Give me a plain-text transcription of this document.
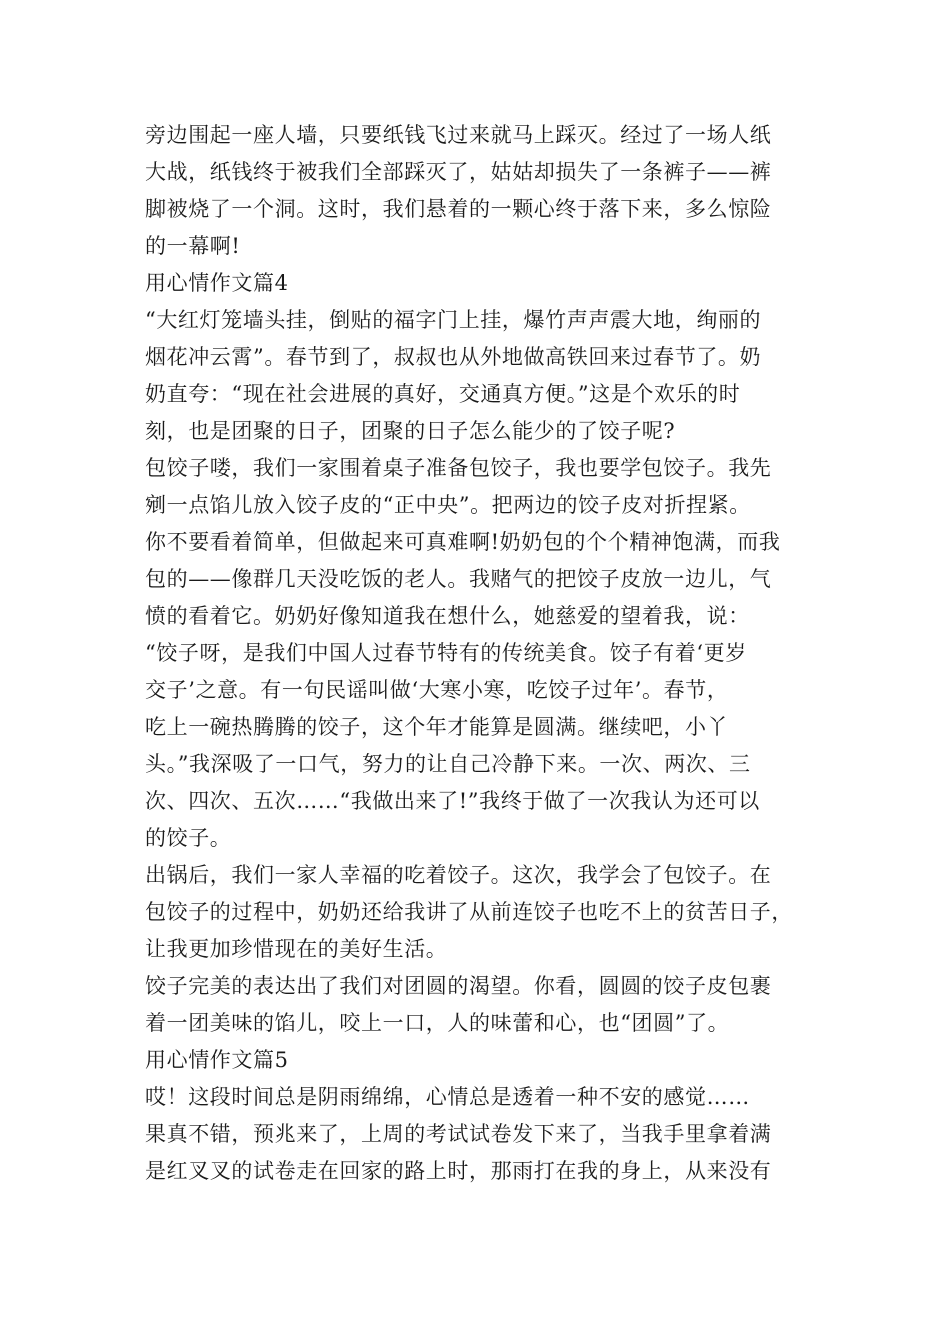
旁边围起一座人墙，只要纸钱飞过来就马上踩灭。经过了一场人纸
大战，纸钱终于被我们全部踩灭了，姑姑却损失了一条裤子——裤
脚被烧了一个洞。这时，我们悬着的一颗心终于落下来，多么惊险
的一幕啊!
用心情作文篇4
“大红灯笼墙头挂，倒贴的福字门上挂，爆竹声声震大地，绚丽的
烟花冲云霄”。春节到了，叔叔也从外地做高铁回来过春节了。奶
奶直夸：“现在社会进展的真好，交通真方便。”这是个欢乐的时
刻，也是团聚的日子，团聚的日子怎么能少的了饺子呢?
包饺子喽，我们一家围着桌子准备包饺子，我也要学包饺子。我先
剜一点馅儿放入饺子皮的“正中央”。把两边的饺子皮对折捏紧。
你不要看着简单，但做起来可真难啊!奶奶包的个个精神饱满，而我
包的——像群几天没吃饭的老人。我赌气的把饺子皮放一边儿，气
愤的看着它。奶奶好像知道我在想什么，她慈爱的望着我，说：
“饺子呀，是我们中国人过春节特有的传统美食。饺子有着‘更岁
交子’之意。有一句民谣叫做‘大寒小寒，吃饺子过年’。春节，
吃上一碗热腾腾的饺子，这个年才能算是圆满。继续吧，小丫
头。”我深吸了一口气，努力的让自己冷静下来。一次、两次、三
次、四次、五次……“我做出来了!”我终于做了一次我认为还可以
的饺子。
出锅后，我们一家人幸福的吃着饺子。这次，我学会了包饺子。在
包饺子的过程中，奶奶还给我讲了从前连饺子也吃不上的贫苦日子，
让我更加珍惜现在的美好生活。
饺子完美的表达出了我们对团圆的渴望。你看，圆圆的饺子皮包裹
着一团美味的馅儿，咬上一口，人的味蕾和心，也“团圆”了。
用心情作文篇5
哎！这段时间总是阴雨绵绵，心情总是透着一种不安的感觉……
果真不错，预兆来了，上周的考试试卷发下来了，当我手里拿着满
是红叉叉的试卷走在回家的路上时，那雨打在我的身上，从来没有
